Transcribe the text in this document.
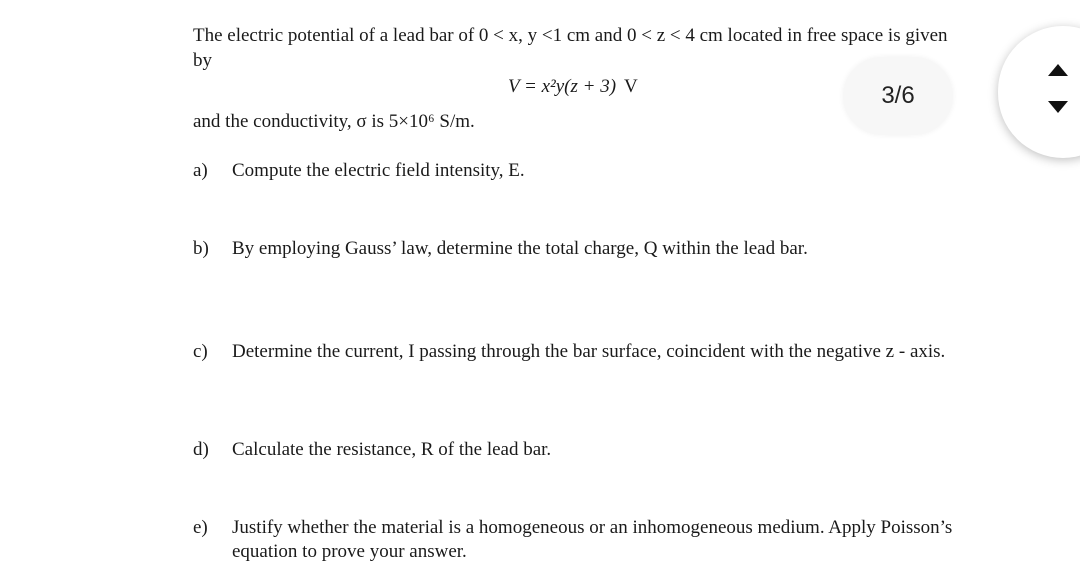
The electric potential of a lead bar of 0 < x, y <1 cm and 0 < z < 4 cm located in free space is given by
V = x²y(z + 3) V
and the conductivity, σ is 5×10⁶ S/m.
a)	Compute the electric field intensity, E.
b)	By employing Gauss’ law, determine the total charge, Q within the lead bar.
c)	Determine the current, I passing through the bar surface, coincident with the negative z - axis.
d)	Calculate the resistance, R of the lead bar.
e)	Justify whether the material is a homogeneous or an inhomogeneous medium. Apply Poisson’s equation to prove your answer.
3/6
